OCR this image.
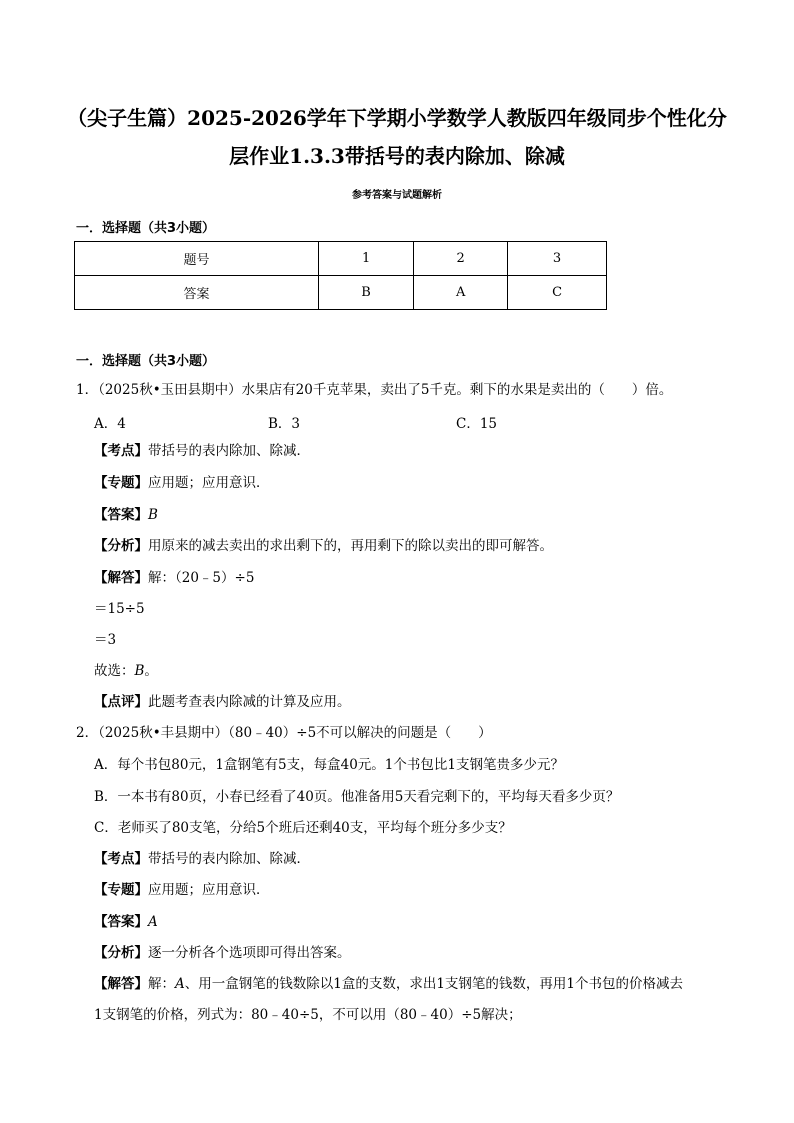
（尖子生篇）2025-2026学年下学期小学数学人教版四年级同步个性化分
层作业1.3.3带括号的表内除加、除减
参考答案与试题解析
一．选择题（共3小题）
题号	1	2	3
答案	B	A	C
一．选择题（共3小题）
1．（2025秋•玉田县期中）水果店有20千克苹果，卖出了5千克。剩下的水果是卖出的（　　）倍。
A．4	B．3	C．15
【考点】带括号的表内除加、除减．
【专题】应用题；应用意识．
【答案】B
【分析】用原来的减去卖出的求出剩下的，再用剩下的除以卖出的即可解答。
【解答】解：（20﹣5）÷5
＝15÷5
＝3
故选：B。
【点评】此题考查表内除减的计算及应用。
2．（2025秋•丰县期中）（80﹣40）÷5不可以解决的问题是（　　）
A．每个书包80元，1盒钢笔有5支，每盒40元。1个书包比1支钢笔贵多少元？
B．一本书有80页，小春已经看了40页。他准备用5天看完剩下的，平均每天看多少页？
C．老师买了80支笔，分给5个班后还剩40支，平均每个班分多少支？
【考点】带括号的表内除加、除减．
【专题】应用题；应用意识．
【答案】A
【分析】逐一分析各个选项即可得出答案。
【解答】解：A、用一盒钢笔的钱数除以1盒的支数，求出1支钢笔的钱数，再用1个书包的价格减去
1支钢笔的价格，列式为：80﹣40÷5，不可以用（80﹣40）÷5解决；
